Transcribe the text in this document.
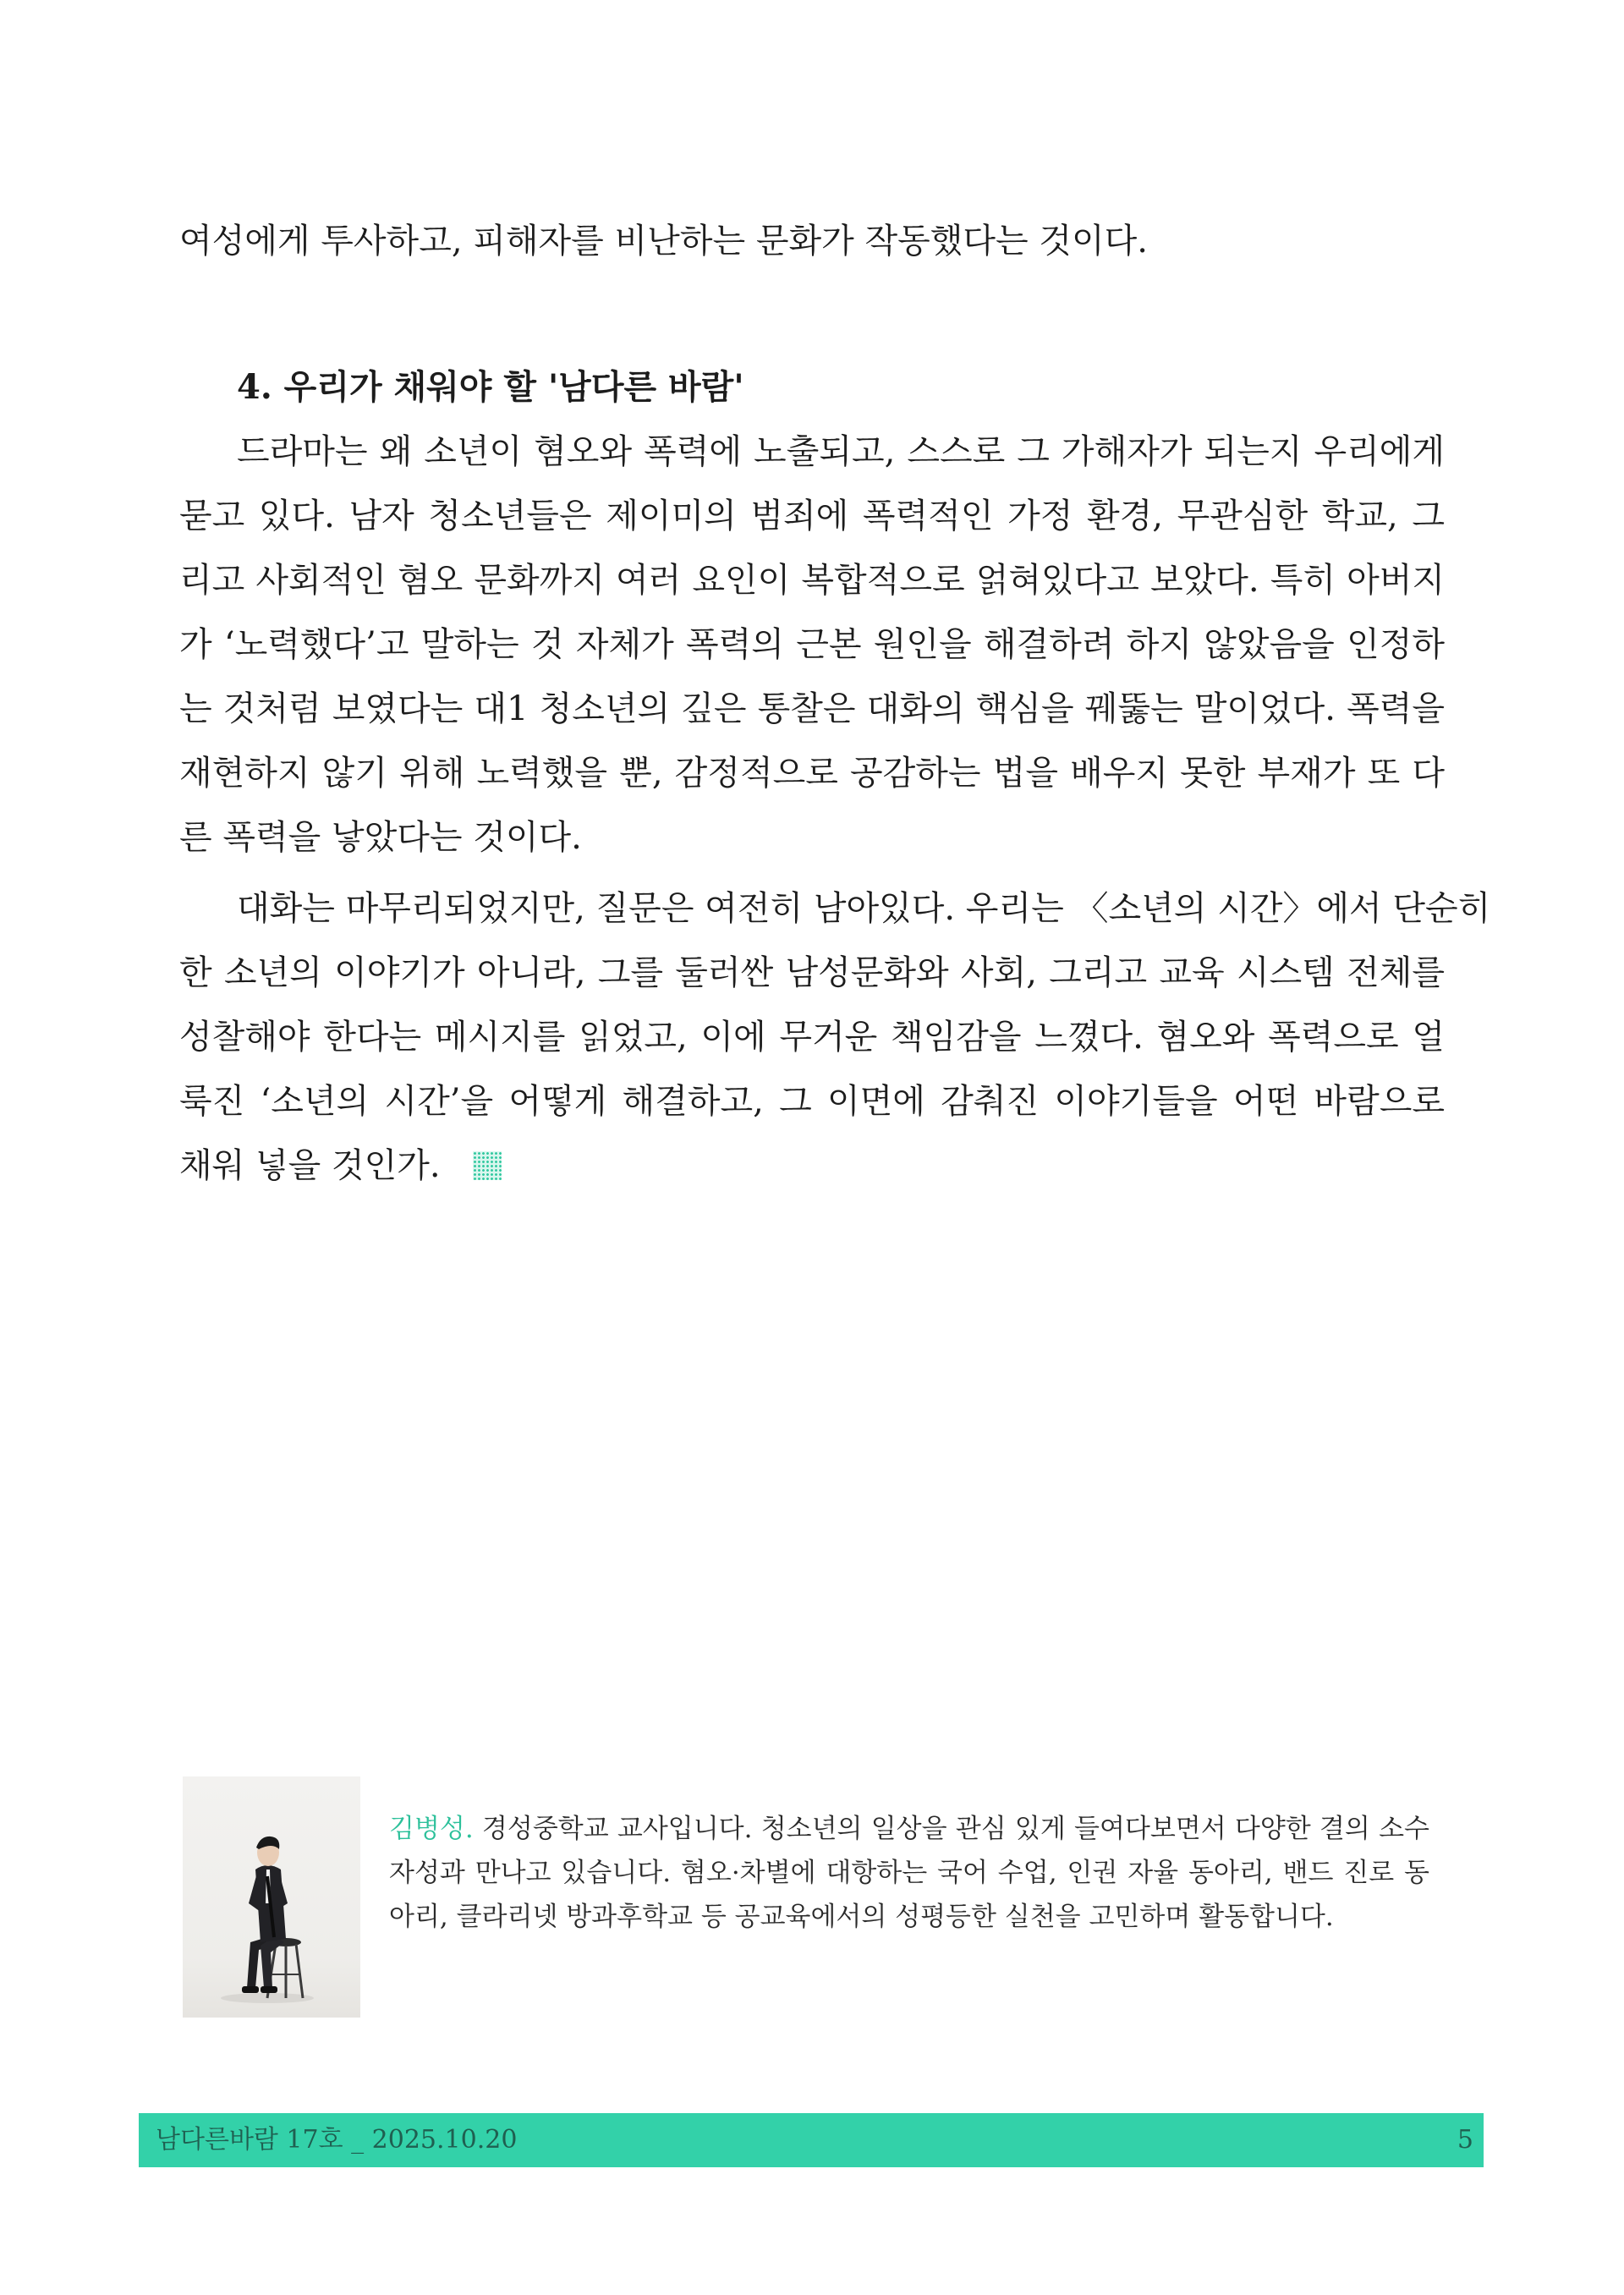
여성에게 투사하고, 피해자를 비난하는 문화가 작동했다는 것이다.

4. 우리가 채워야 할 '남다른 바람'

드라마는 왜 소년이 혐오와 폭력에 노출되고, 스스로 그 가해자가 되는지 우리에게

묻고 있다. 남자 청소년들은 제이미의 범죄에 폭력적인 가정 환경, 무관심한 학교, 그

리고 사회적인 혐오 문화까지 여러 요인이 복합적으로 얽혀있다고 보았다. 특히 아버지

가 ‘노력했다’고 말하는 것 자체가 폭력의 근본 원인을 해결하려 하지 않았음을 인정하

는 것처럼 보였다는 대1 청소년의 깊은 통찰은 대화의 핵심을 꿰뚫는 말이었다. 폭력을

재현하지 않기 위해 노력했을 뿐, 감정적으로 공감하는 법을 배우지 못한 부재가 또 다

른 폭력을 낳았다는 것이다.

대화는 마무리되었지만, 질문은 여전히 남아있다. 우리는 〈소년의 시간〉에서 단순히

한 소년의 이야기가 아니라, 그를 둘러싼 남성문화와 사회, 그리고 교육 시스템 전체를

성찰해야 한다는 메시지를 읽었고, 이에 무거운 책임감을 느꼈다. 혐오와 폭력으로 얼

룩진 ‘소년의 시간’을 어떻게 해결하고, 그 이면에 감춰진 이야기들을 어떤 바람으로

채워 넣을 것인가.

김병성. 경성중학교 교사입니다. 청소년의 일상을 관심 있게 들여다보면서 다양한 결의 소수자성과 만나고 있습니다. 혐오·차별에 대항하는 국어 수업, 인권 자율 동아리, 밴드 진로 동아리, 클라리넷 방과후학교 등 공교육에서의 성평등한 실천을 고민하며 활동합니다.

남다른바람 17호 _ 2025.10.20	5
